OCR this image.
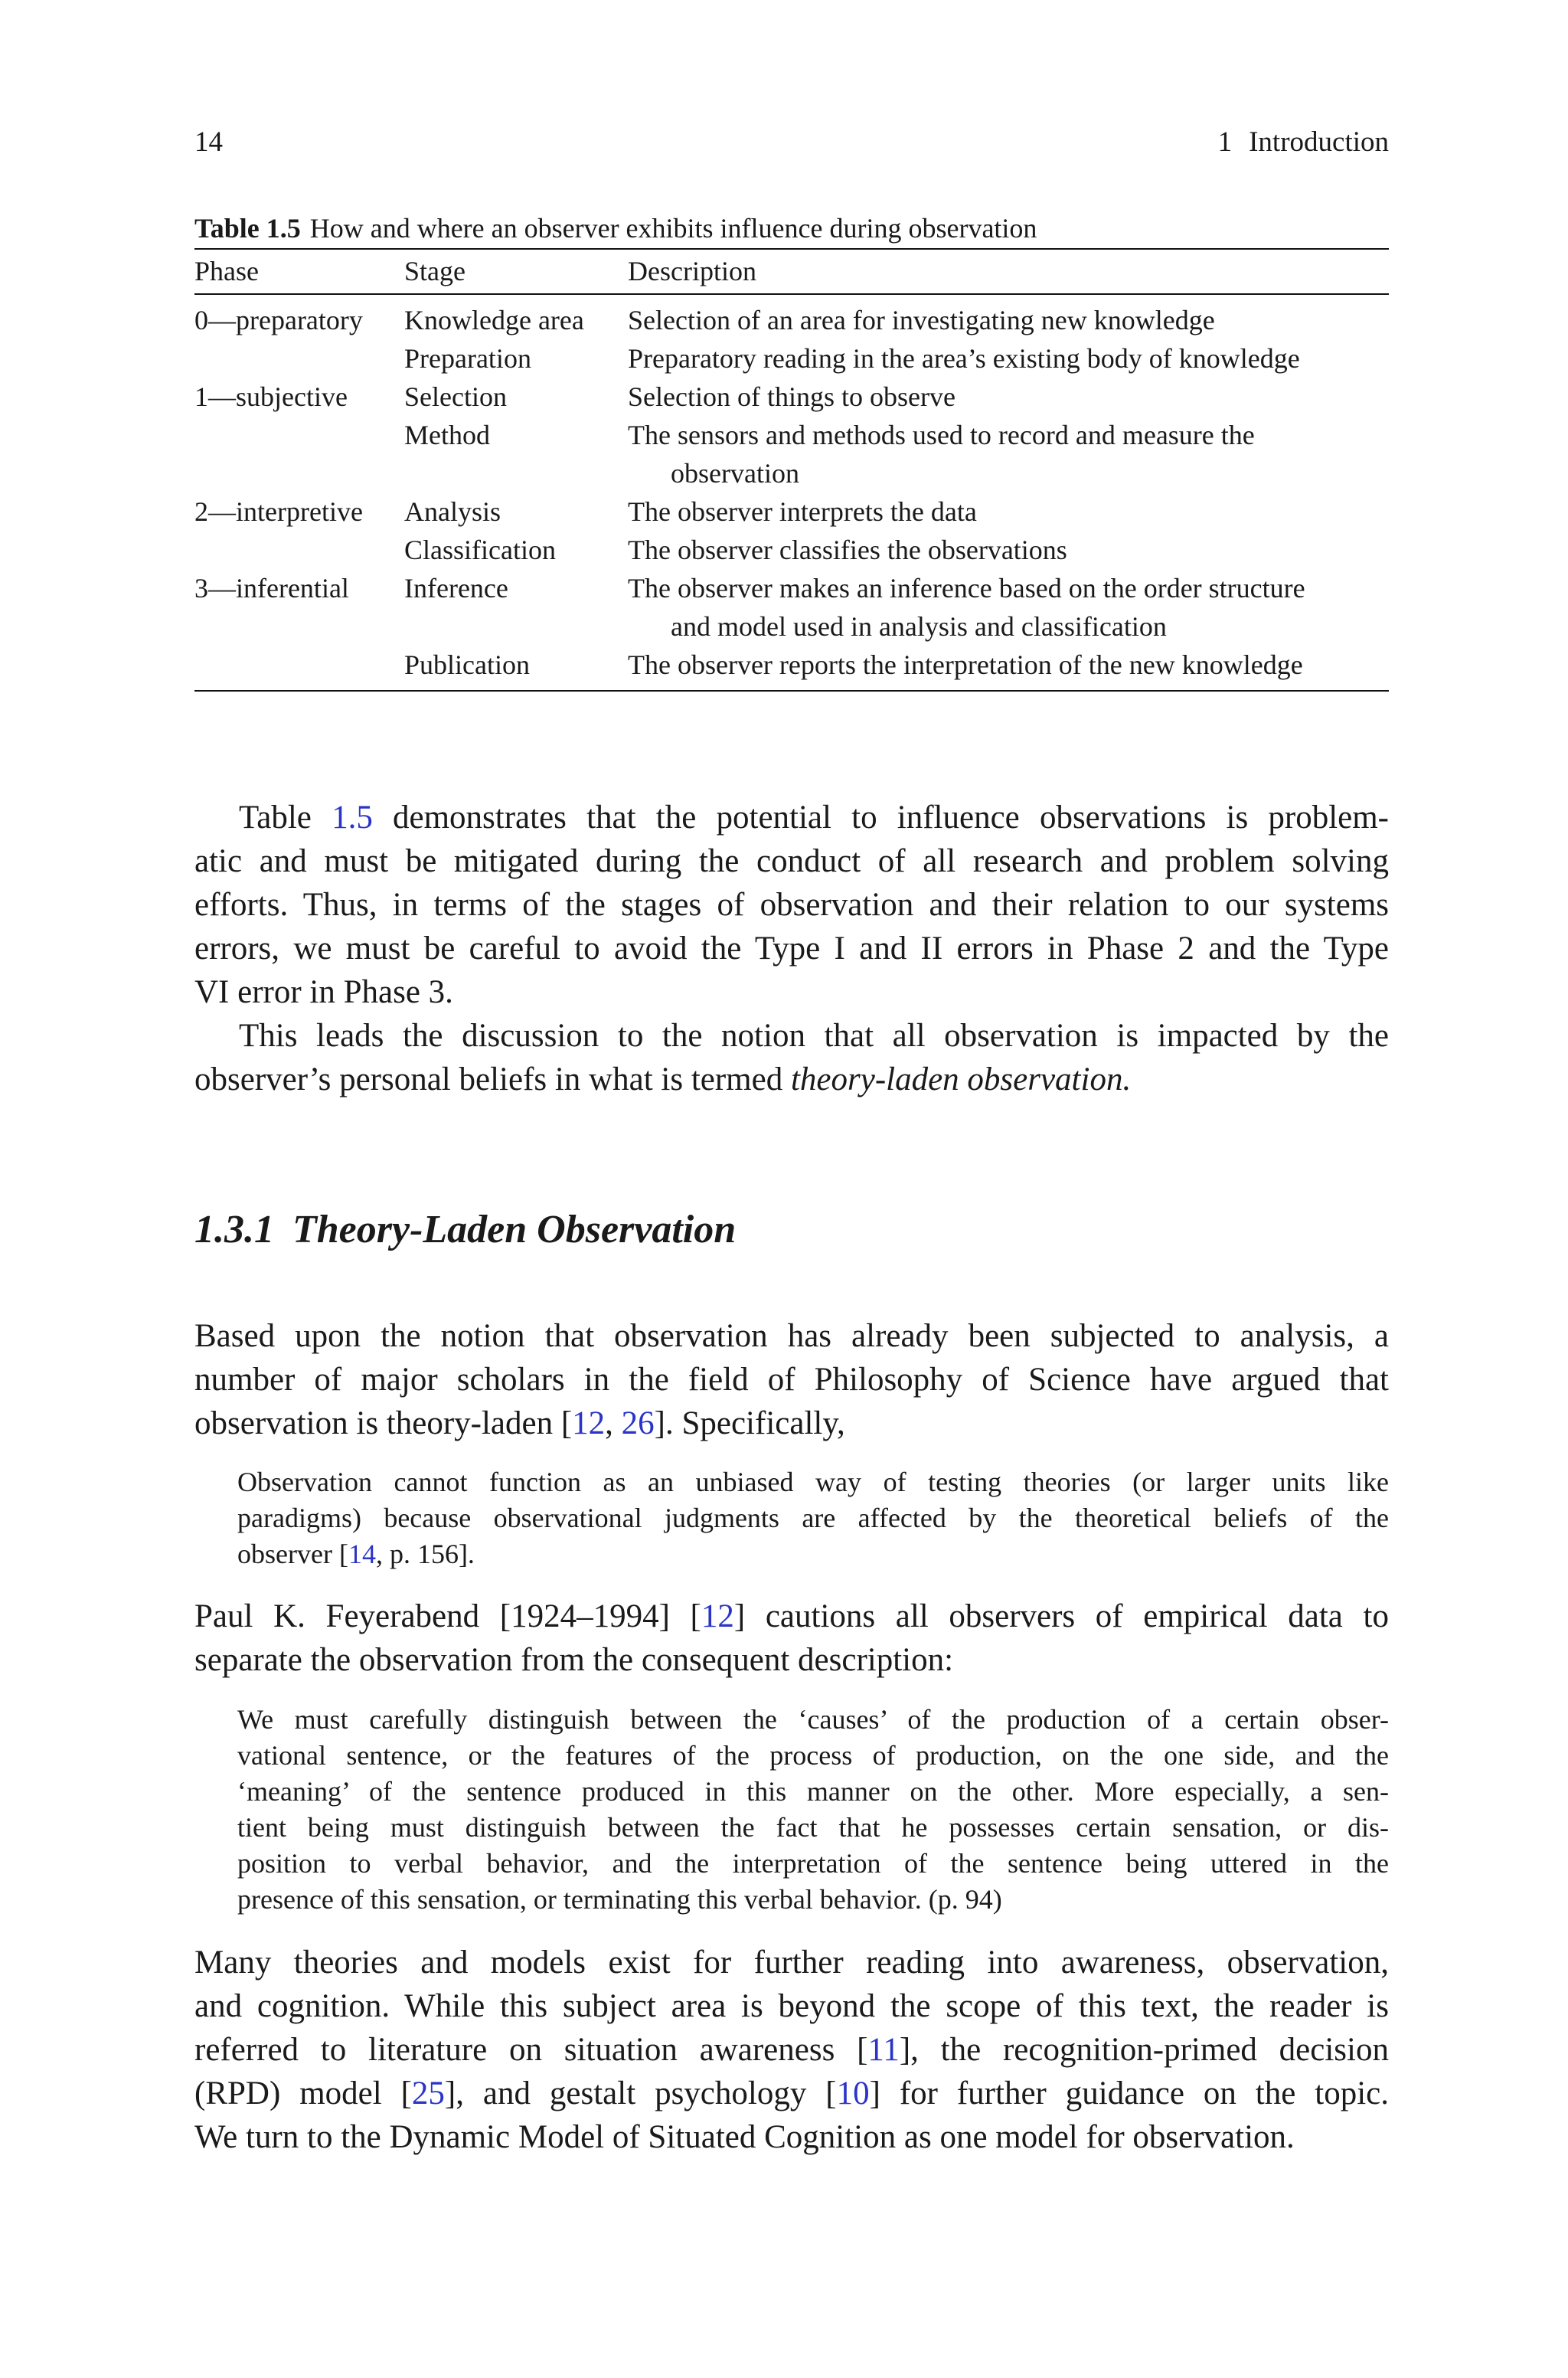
14	1 Introduction
Table 1.5 How and where an observer exhibits influence during observation
Phase	Stage	Description

0—preparatory	Knowledge area	Selection of an area for investigating new knowledge
	Preparation	Preparatory reading in the area’s existing body of knowledge
1—subjective	Selection	Selection of things to observe
	Method	The sensors and methods used to record and measure the
observation

2—interpretive	Analysis	The observer interprets the data
	Classification	The observer classifies the observations
3—inferential	Inference	The observer makes an inference based on the order structure
and model used in analysis and classification

	Publication	The observer reports the interpretation of the new knowledge

Table 1.5 demonstrates that the potential to influence observations is problem-
atic and must be mitigated during the conduct of all research and problem solving
efforts. Thus, in terms of the stages of observation and their relation to our systems
errors, we must be careful to avoid the Type I and II errors in Phase 2 and the Type
VI error in Phase 3.
This leads the discussion to the notion that all observation is impacted by the
observer’s personal beliefs in what is termed theory-laden observation.
1.3.1 Theory-Laden Observation
Based upon the notion that observation has already been subjected to analysis, a
number of major scholars in the field of Philosophy of Science have argued that
observation is theory-laden [12, 26]. Specifically,
Observation cannot function as an unbiased way of testing theories (or larger units like
paradigms) because observational judgments are affected by the theoretical beliefs of the
observer [14, p. 156].
Paul K. Feyerabend [1924–1994] [12] cautions all observers of empirical data to
separate the observation from the consequent description:
We must carefully distinguish between the ‘causes’ of the production of a certain obser-
vational sentence, or the features of the process of production, on the one side, and the
‘meaning’ of the sentence produced in this manner on the other. More especially, a sen-
tient being must distinguish between the fact that he possesses certain sensation, or dis-
position to verbal behavior, and the interpretation of the sentence being uttered in the
presence of this sensation, or terminating this verbal behavior. (p. 94)
Many theories and models exist for further reading into awareness, observation,
and cognition. While this subject area is beyond the scope of this text, the reader is
referred to literature on situation awareness [11], the recognition-primed decision
(RPD) model [25], and gestalt psychology [10] for further guidance on the topic.
We turn to the Dynamic Model of Situated Cognition as one model for observation.
